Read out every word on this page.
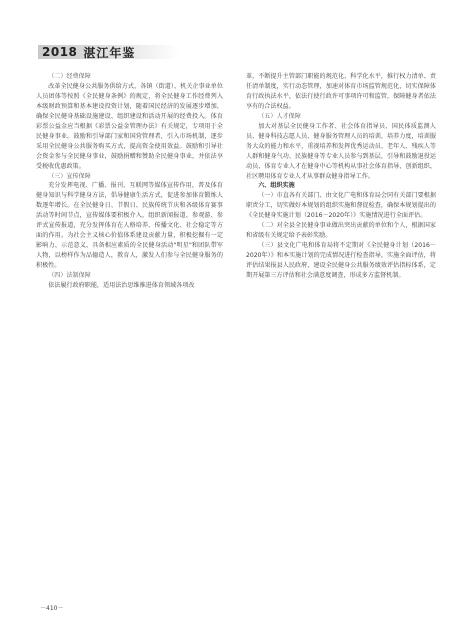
2018 湛江年鉴

（二）经费保障

改革全民健身公共服务供给方式，各镇（街道）、机关企事业单位人员团体等按照《全民健身条例》的规定，将全民健身工作经费列入本级财政预算和基本建设投资计划，随着国民经济的发展逐步增加，确保全民健身基础设施建设、组织建设和活动开展的经费投入。体育彩票公益金应当根据《彩票公益金管理办法》有关规定，专项用于全民健身事业。鼓励和引导部门家和国营管理者，引入市场机制，逐步采用全民健身公共服务购买方式，提高资金使用效益。鼓励和引导社会资金参与全民健身事业，鼓励捐赠和赞助全民健身事业，并依法享受税收优惠政策。

（三）宣传保障

充分发挥电视、广播、报刊、互联网等媒体宣传作用，普及体育健身知识与科学健身方法，倡导健康生活方式，促进参加体育锻炼人数逐年增长。在全民健身日、节假日、民族传统节庆和各级体育赛事活动等时间节点，宣传媒体要积极介入，组织新闻报道、参观游、参评式宣传报道，充分发挥体育在人格培养、传播文化、社会稳定等方面的作用。为社会主义核心价值体系建设贡献力量，积极挖掘有一定影响力、示范意义、具备相应素质的全民健身活动"明星"和团队带军人物，以榜样作为品德造人，教育人，激发人们参与全民健身服务的积极性。

（四）法制保障

依法履行政府职能，适用法治思维推进体育领域各项改

革，不断提升主管部门职能的规范化、科学化水平，推行权力清单、责任清单制度，实行动态管理，加速对体育市场监管规范化，切实保障体育行政执法水平，依法行使行政许可事项许可和监管，保障健身者依法享有的合法权益。

（五）人才保障

加大对基层全民健身工作者、社会体育指导员、国民体质监测人员、健身科技志愿人员、健身服务管理人员的培训，培养力度，培训服务大众的能力和水平，重视培养和发挥优秀运动员、老年人、残疾人等人群和健身气功、民族健身等专业人员参与到基层，引导和鼓励退役运动员、体育专业人才在健身中心等机构从事社会体育指导，创新组织、社区聘用体育专业人才从事群众健身指导工作。

六、组织实施

（一）市直各有关部门、由文化广电和体育局会同有关部门要根据职责分工，切实做好本规划的组织实施和督促检查，确保本规划提出的《全民健身实施计划（2016－2020年）》实施情况进行全面评估。

（二）对全县全民健身事业做出突出贡献的单位和个人，根据国家和省级有关规定给予表彰奖励。

（三）县文化广电和体育局将不定期对《全民健身计划（2016－2020年）》和本实施计划的完成情况进行检查指导，实施全面评估，将评估结果报县人民政府，建设全民健身公共服务绩效评估指标体系，定期开展第三方评估和社会满意度调查，形成多方监督机制。

－410－
